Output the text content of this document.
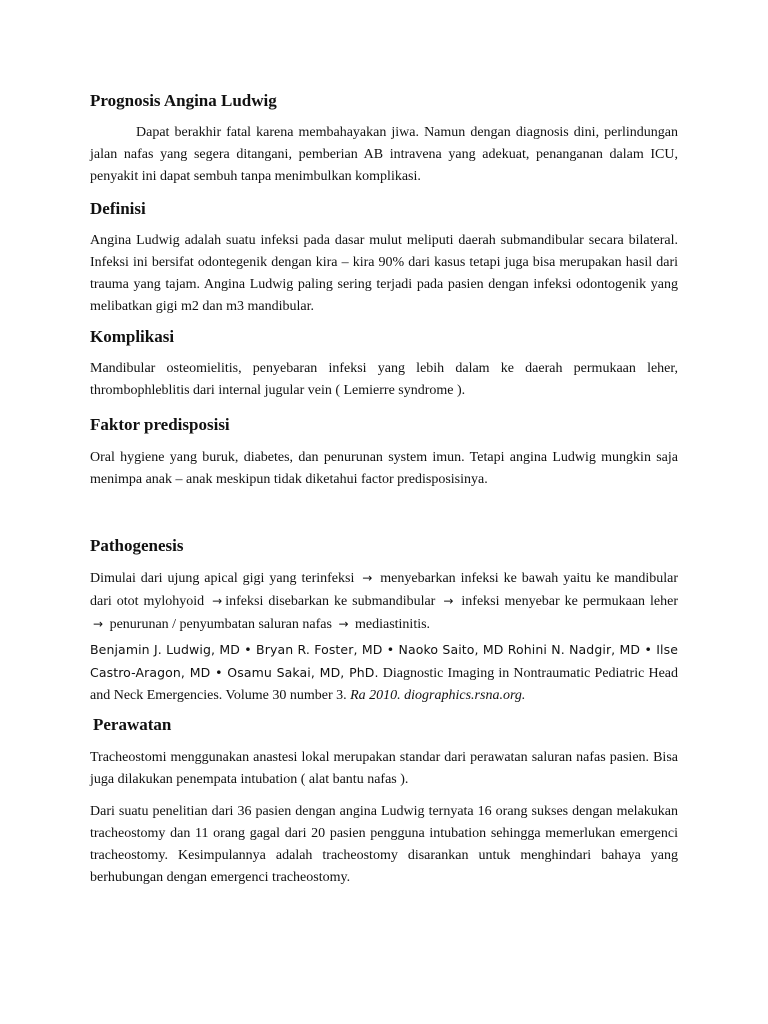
Prognosis Angina Ludwig

Dapat berakhir fatal karena membahayakan jiwa. Namun dengan diagnosis dini, perlindungan jalan nafas yang segera ditangani, pemberian AB intravena yang adekuat, penanganan dalam ICU, penyakit ini dapat sembuh tanpa menimbulkan komplikasi.

Definisi

Angina Ludwig adalah suatu infeksi pada dasar mulut meliputi daerah submandibular secara bilateral. Infeksi ini bersifat odontegenik dengan kira – kira 90% dari kasus tetapi juga bisa merupakan hasil dari trauma yang tajam. Angina Ludwig paling sering terjadi pada pasien dengan infeksi odontogenik yang melibatkan gigi m2 dan m3 mandibular.

Komplikasi

Mandibular osteomielitis, penyebaran infeksi yang lebih dalam ke daerah permukaan leher, thrombophleblitis dari internal jugular vein ( Lemierre syndrome ).

Faktor predisposisi

Oral hygiene yang buruk, diabetes, dan penurunan system imun. Tetapi angina Ludwig mungkin saja menimpa anak – anak meskipun tidak diketahui factor predisposisinya.

Pathogenesis

Dimulai dari ujung apical gigi yang terinfeksi → menyebarkan infeksi ke bawah yaitu ke mandibular dari otot mylohyoid → infeksi disebarkan ke submandibular → infeksi menyebar ke permukaan leher → penurunan / penyumbatan saluran nafas → mediastinitis.

Benjamin J. Ludwig, MD • Bryan R. Foster, MD • Naoko Saito, MD Rohini N. Nadgir, MD • Ilse Castro-Aragon, MD • Osamu Sakai, MD, PhD. Diagnostic Imaging in Nontraumatic Pediatric Head and Neck Emergencies. Volume 30 number 3. Ra 2010. diographics.rsna.org.

Perawatan

Tracheostomi menggunakan anastesi lokal merupakan standar dari perawatan saluran nafas pasien. Bisa juga dilakukan penempata intubation ( alat bantu nafas ).

Dari suatu penelitian dari 36 pasien dengan angina Ludwig ternyata 16 orang sukses dengan melakukan tracheostomy dan 11 orang gagal dari 20 pasien pengguna intubation sehingga memerlukan emergenci tracheostomy. Kesimpulannya adalah tracheostomy disarankan untuk menghindari bahaya yang berhubungan dengan emergenci tracheostomy.
